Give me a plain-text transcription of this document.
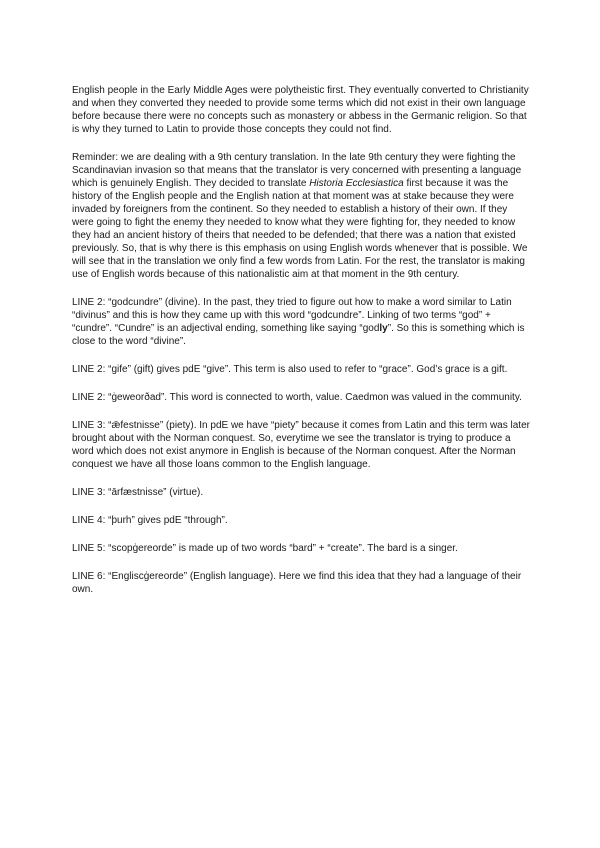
English people in the Early Middle Ages were polytheistic first. They eventually converted to Christianity and when they converted they needed to provide some terms which did not exist in their own language before because there were no concepts such as monastery or abbess in the Germanic religion. So that is why they turned to Latin to provide those concepts they could not find.

Reminder: we are dealing with a 9th century translation. In the late 9th century they were fighting the Scandinavian invasion so that means that the translator is very concerned with presenting a language which is genuinely English. They decided to translate Historia Ecclesiastica first because it was the history of the English people and the English nation at that moment was at stake because they were invaded by foreigners from the continent. So they needed to establish a history of their own. If they were going to fight the enemy they needed to know what they were fighting for, they needed to know they had an ancient history of theirs that needed to be defended; that there was a nation that existed previously. So, that is why there is this emphasis on using English words whenever that is possible. We will see that in the translation we only find a few words from Latin. For the rest, the translator is making use of English words because of this nationalistic aim at that moment in the 9th century.

LINE 2: “godcundre” (divine). In the past, they tried to figure out how to make a word similar to Latin “divinus” and this is how they came up with this word “godcundre”. Linking of two terms “god” + “cundre”. “Cundre” is an adjectival ending, something like saying “godly”. So this is something which is close to the word “divine”.

LINE 2: “gife” (gift) gives pdE “give”. This term is also used to refer to “grace”. God’s grace is a gift.

LINE 2: “ġeweorðad”. This word is connected to worth, value. Caedmon was valued in the community.

LINE 3: “ǣfestnisse” (piety). In pdE we have “piety” because it comes from Latin and this term was later brought about with the Norman conquest. So, everytime we see the translator is trying to produce a word which does not exist anymore in English is because of the Norman conquest. After the Norman conquest we have all those loans common to the English language.

LINE 3: “ārfæstnisse” (virtue).

LINE 4: “þurh” gives pdE “through”.

LINE 5: “scopġereorde” is made up of two words “bard” + “create”. The bard is a singer.

LINE 6: “Engliscġereorde” (English language). Here we find this idea that they had a language of their own.
